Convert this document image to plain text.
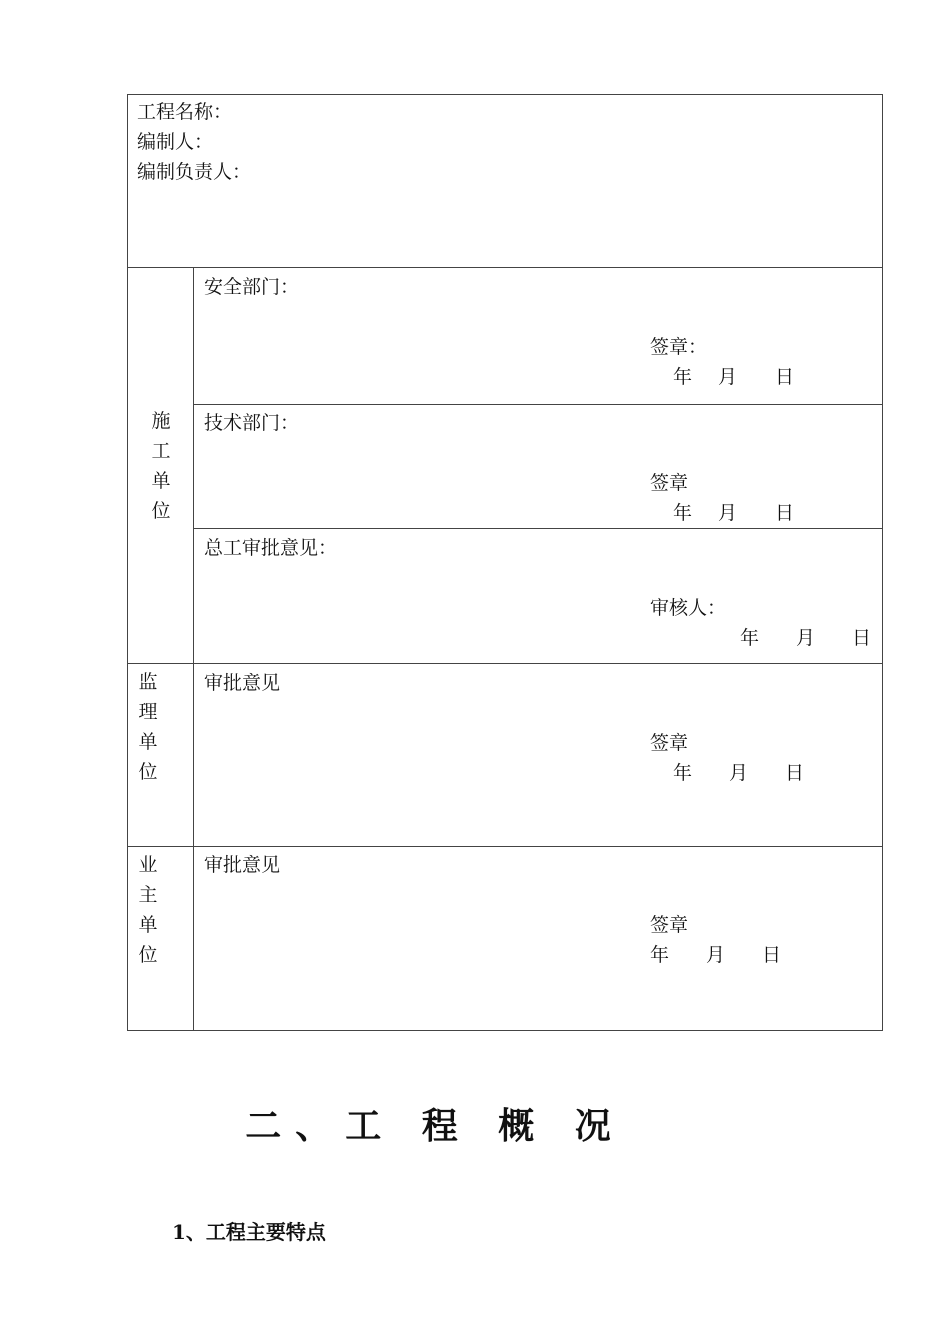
工程名称：
编制人：
编制负责人：
施
工
单
位
安全部门：
签章：
年 月 日
技术部门：
签章
年 月 日
总工审批意见：
审核人：
年 月 日
监
理
单
位
审批意见
签章
年 月 日
业
主
单
位
审批意见
签章
年 月 日
二、工 程 概 况
1、工程主要特点
